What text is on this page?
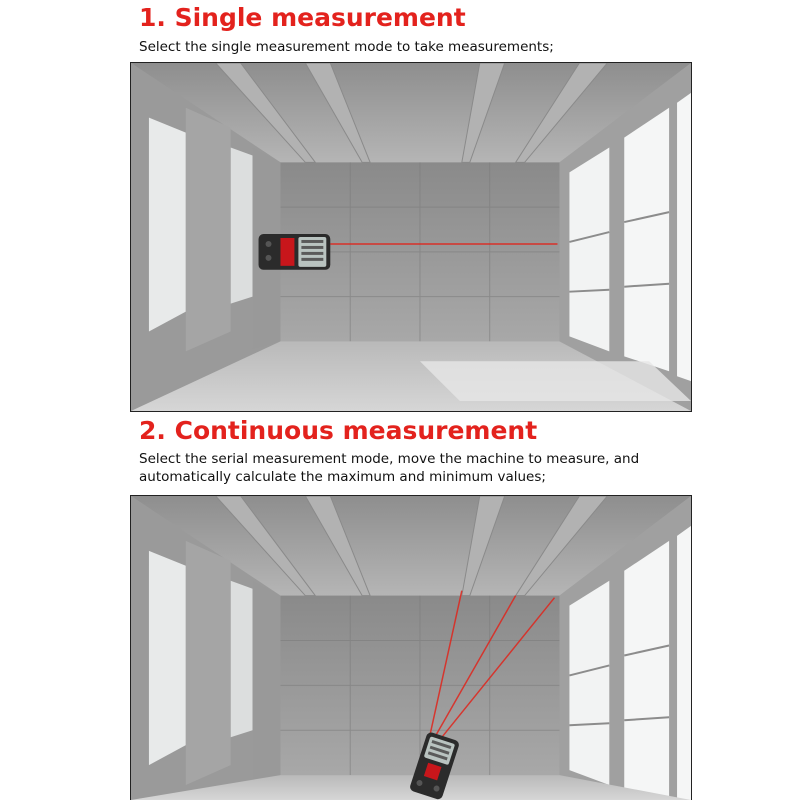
1. Single measurement

Select the single measurement mode to take measurements;

2. Continuous measurement

Select the serial measurement mode, move the machine to measure, and

automatically calculate the maximum and minimum values;
